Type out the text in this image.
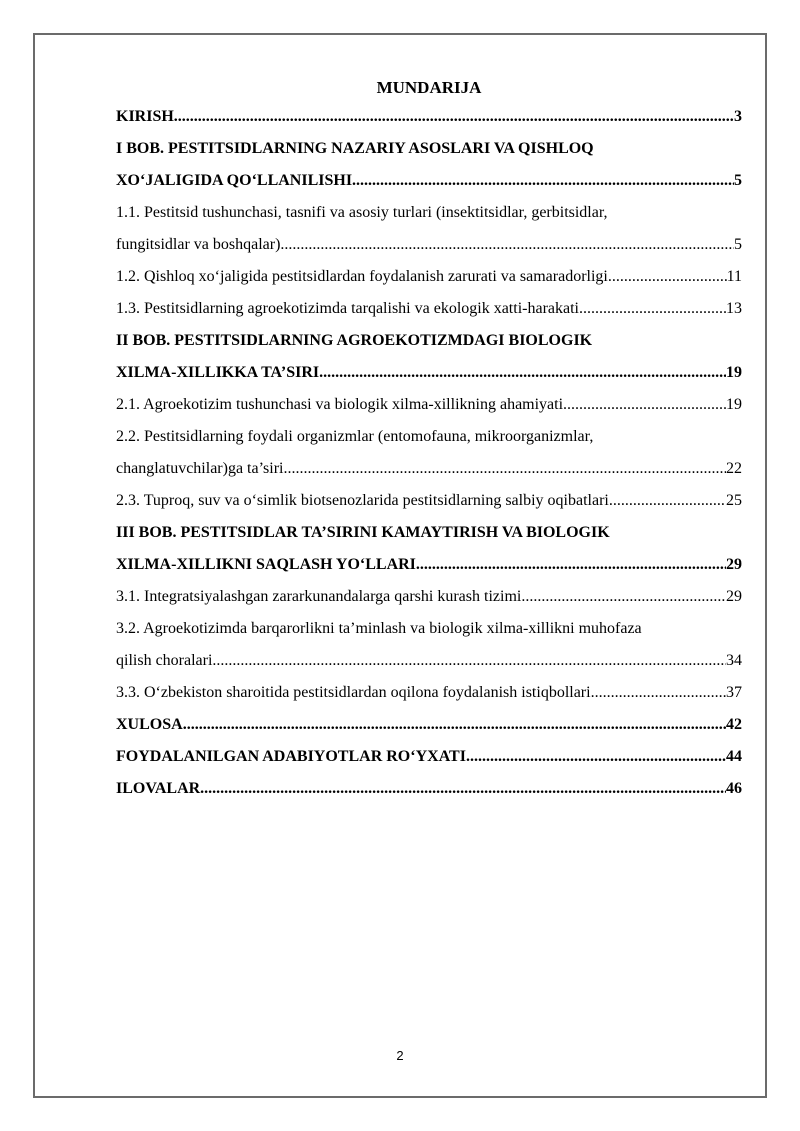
MUNDARIJA
KIRISH .....	3
I BOB. PESTITSIDLARNING NAZARIY ASOSLARI VA QISHLOQ
XO‘JALIGIDA QO‘LLANILISHI .....	5
1.1. Pestitsid tushunchasi, tasnifi va asosiy turlari (insektitsidlar, gerbitsidlar,
fungitsidlar va boshqalar) .....	5
1.2. Qishloq xo‘jaligida pestitsidlardan foydalanish zarurati va samaradorligi .....	11
1.3. Pestitsidlarning agroekotizimda tarqalishi va ekologik xatti-harakati .....	13
II BOB. PESTITSIDLARNING AGROEKOTIZMDAGI BIOLOGIK
XILMA-XILLIKKA TA’SIRI .....	19
2.1. Agroekotizim tushunchasi va biologik xilma-xillikning ahamiyati .....	19
2.2. Pestitsidlarning foydali organizmlar (entomofauna, mikroorganizmlar,
changlatuvchilar)ga ta’siri .....	22
2.3. Tuproq, suv va o‘simlik biotsenozlarida pestitsidlarning salbiy oqibatlari .....	25
III BOB. PESTITSIDLAR TA’SIRINI KAMAYTIRISH VA BIOLOGIK
XILMA-XILLIKNI SAQLASH YO‘LLARI .....	29
3.1. Integratsiyalashgan zararkunandalarga qarshi kurash tizimi .....	29
3.2. Agroekotizimda barqarorlikni ta’minlash va biologik xilma-xillikni muhofaza
qilish choralari .....	34
3.3. O‘zbekiston sharoitida pestitsidlardan oqilona foydalanish istiqbollari .....	37
XULOSA .....	42
FOYDALANILGAN ADABIYOTLAR RO‘YXATI .....	44
ILOVALAR .....	46
2
